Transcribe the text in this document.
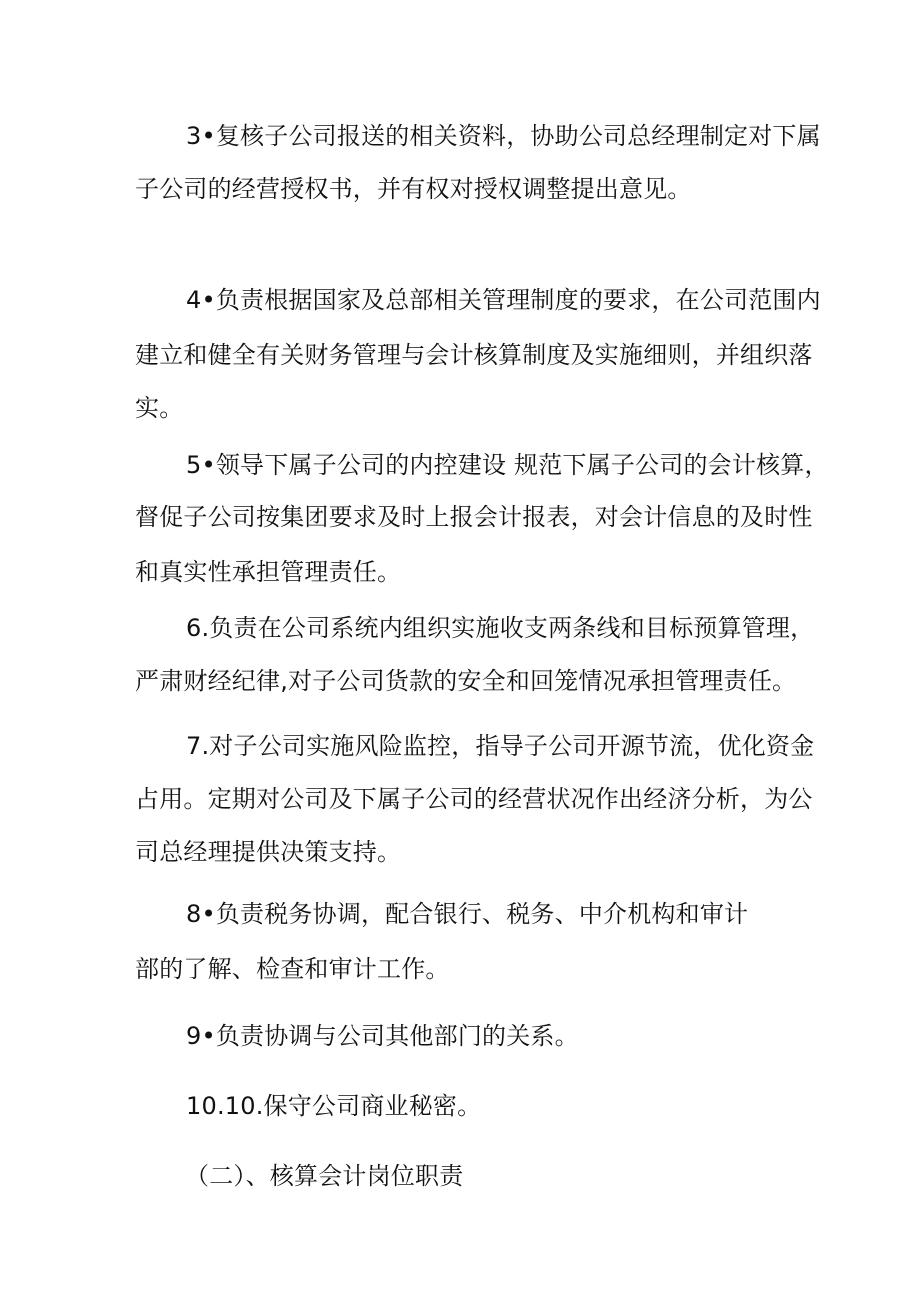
3•复核子公司报送的相关资料，协助公司总经理制定对下属
子公司的经营授权书，并有权对授权调整提出意见。
4•负责根据国家及总部相关管理制度的要求，在公司范围内
建立和健全有关财务管理与会计核算制度及实施细则，并组织落
实。
5•领导下属子公司的内控建设 规范下属子公司的会计核算，
督促子公司按集团要求及时上报会计报表，对会计信息的及时性
和真实性承担管理责任。
6.负责在公司系统内组织实施收支两条线和目标预算管理，
严肃财经纪律,对子公司货款的安全和回笼情况承担管理责任。
7.对子公司实施风险监控，指导子公司开源节流，优化资金
占用。定期对公司及下属子公司的经营状况作出经济分析，为公
司总经理提供决策支持。
8•负责税务协调，配合银行、税务、中介机构和审计
部的了解、检查和审计工作。
9•负责协调与公司其他部门的关系。
10.10.保守公司商业秘密。
（二）、核算会计岗位职责
